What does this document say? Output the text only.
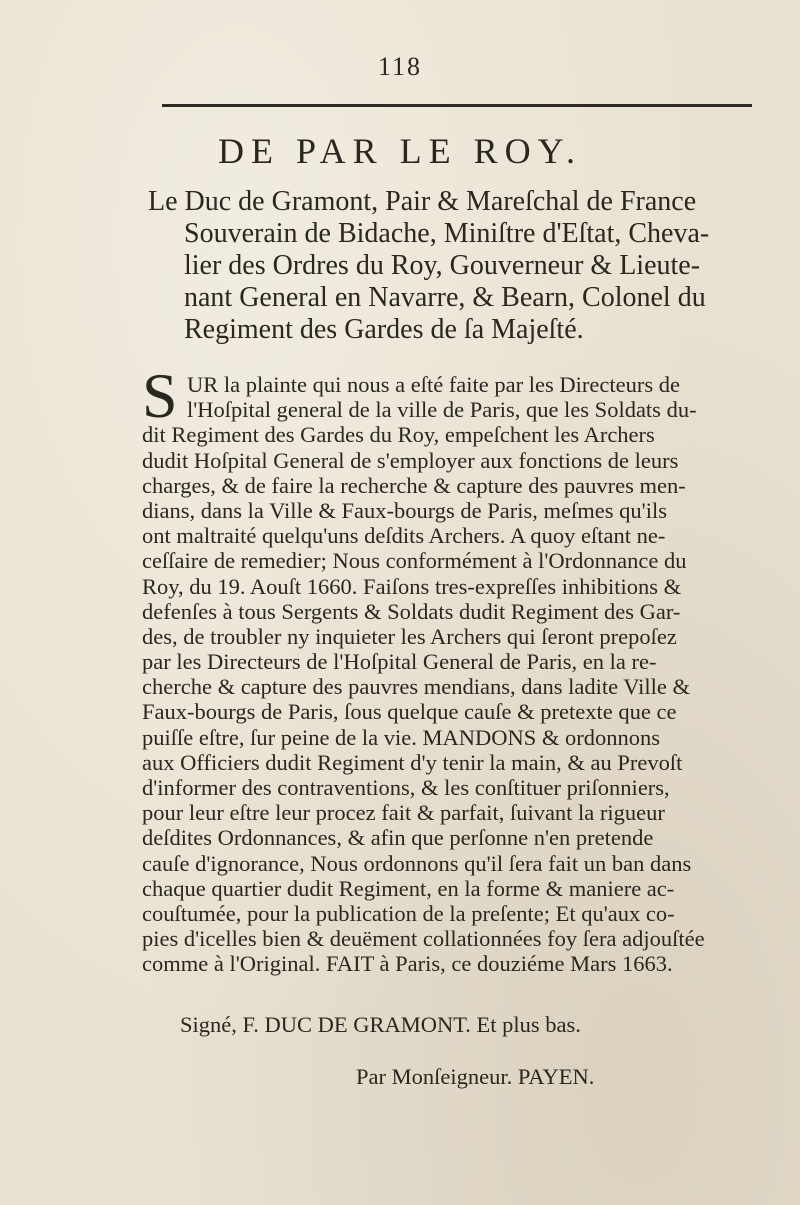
118
DE PAR LE ROY.
Le Duc de Gramont, Pair & Mareſchal de France
Souverain de Bidache, Miniſtre d'Eſtat, Cheva-
lier des Ordres du Roy, Gouverneur & Lieute-
nant General en Navarre, & Bearn, Colonel du
Regiment des Gardes de ſa Majeſté.
S UR la plainte qui nous a eſté faite par les Directeurs de
l'Hoſpital general de la ville de Paris, que les Soldats du-
dit Regiment des Gardes du Roy, empeſchent les Archers
dudit Hoſpital General de s'employer aux fonctions de leurs
charges, & de faire la recherche & capture des pauvres men-
dians, dans la Ville & Faux-bourgs de Paris, meſmes qu'ils
ont maltraité quelqu'uns deſdits Archers. A quoy eſtant ne-
ceſſaire de remedier; Nous conformément à l'Ordonnance du
Roy, du 19. Aouſt 1660. Faiſons tres-expreſſes inhibitions &
defenſes à tous Sergents & Soldats dudit Regiment des Gar-
des, de troubler ny inquieter les Archers qui ſeront prepoſez
par les Directeurs de l'Hoſpital General de Paris, en la re-
cherche & capture des pauvres mendians, dans ladite Ville &
Faux-bourgs de Paris, ſous quelque cauſe & pretexte que ce
puiſſe eſtre, ſur peine de la vie. MANDONS & ordonnons
aux Officiers dudit Regiment d'y tenir la main, & au Prevoſt
d'informer des contraventions, & les conſtituer priſonniers,
pour leur eſtre leur procez fait & parfait, ſuivant la rigueur
deſdites Ordonnances, & afin que perſonne n'en pretende
cauſe d'ignorance, Nous ordonnons qu'il ſera fait un ban dans
chaque quartier dudit Regiment, en la forme & maniere ac-
couſtumée, pour la publication de la preſente; Et qu'aux co-
pies d'icelles bien & deuëment collationnées foy ſera adjouſtée
comme à l'Original. FAIT à Paris, ce douziéme Mars 1663.
Signé, F. DUC DE GRAMONT. Et plus bas.
Par Monſeigneur. PAYEN.
